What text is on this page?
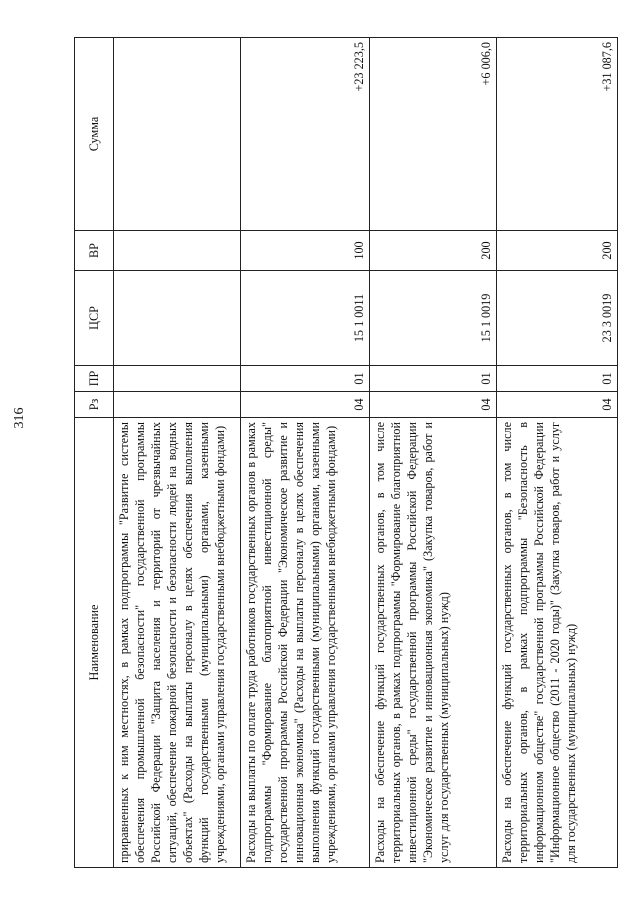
316
Наименование	Рз	ПР	ЦСР	ВР	Сумма
приравненных к ним местностях, в рамках подпрограммы "Развитие системы обеспечения промышленной безопасности" государственной программы Российской Федерации "Защита населения и территорий от чрезвычайных ситуаций, обеспечение пожарной безопасности и безопасности людей на водных объектах" (Расходы на выплаты персоналу в целях обеспечения выполнения функций государственными (муниципальными) органами, казенными учреждениями, органами управления государственными внебюджетными фондами)					
Расходы на выплаты по оплате труда работников государственных органов в рамках подпрограммы "Формирование благоприятной инвестиционной среды" государственной программы Российской Федерации "Экономическое развитие и инновационная экономика" (Расходы на выплаты персоналу в целях обеспечения выполнения функций государственными (муниципальными) органами, казенными учреждениями, органами управления государственными внебюджетными фондами)	04	01	15 1 0011	100	+23 223,5
Расходы на обеспечение функций государственных органов, в том числе территориальных органов, в рамках подпрограммы "Формирование благоприятной инвестиционной среды" государственной программы Российской Федерации "Экономическое развитие и инновационная экономика" (Закупка товаров, работ и услуг для государственных (муниципальных) нужд)	04	01	15 1 0019	200	+6 006,0
Расходы на обеспечение функций государственных органов, в том числе территориальных органов, в рамках подпрограммы "Безопасность в информационном обществе" государственной программы Российской Федерации "Информационное общество (2011 - 2020 годы)" (Закупка товаров, работ и услуг для государственных (муниципальных) нужд)	04	01	23 3 0019	200	+31 087,6
